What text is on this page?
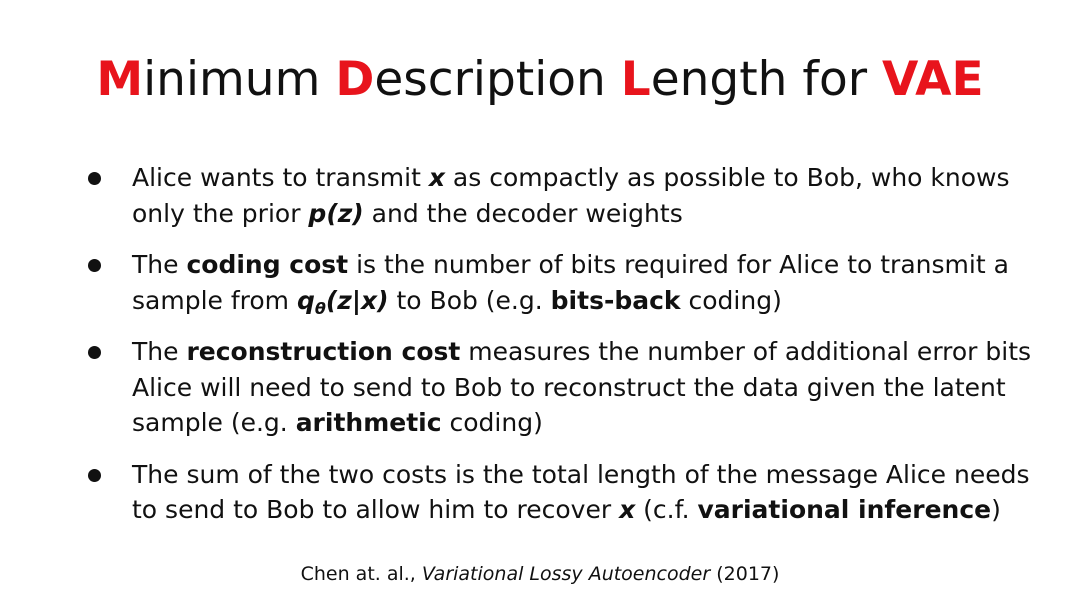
Minimum Description Length for VAE
Alice wants to transmit x as compactly as possible to Bob, who knows only the prior p(z) and the decoder weights
The coding cost is the number of bits required for Alice to transmit a sample from $q_\theta(z|x)$ to Bob (e.g. bits-back coding)
The reconstruction cost measures the number of additional error bits Alice will need to send to Bob to reconstruct the data given the latent sample (e.g. arithmetic coding)
The sum of the two costs is the total length of the message Alice needs to send to Bob to allow him to recover x (c.f. variational inference)
Chen at. al., Variational Lossy Autoencoder (2017)
